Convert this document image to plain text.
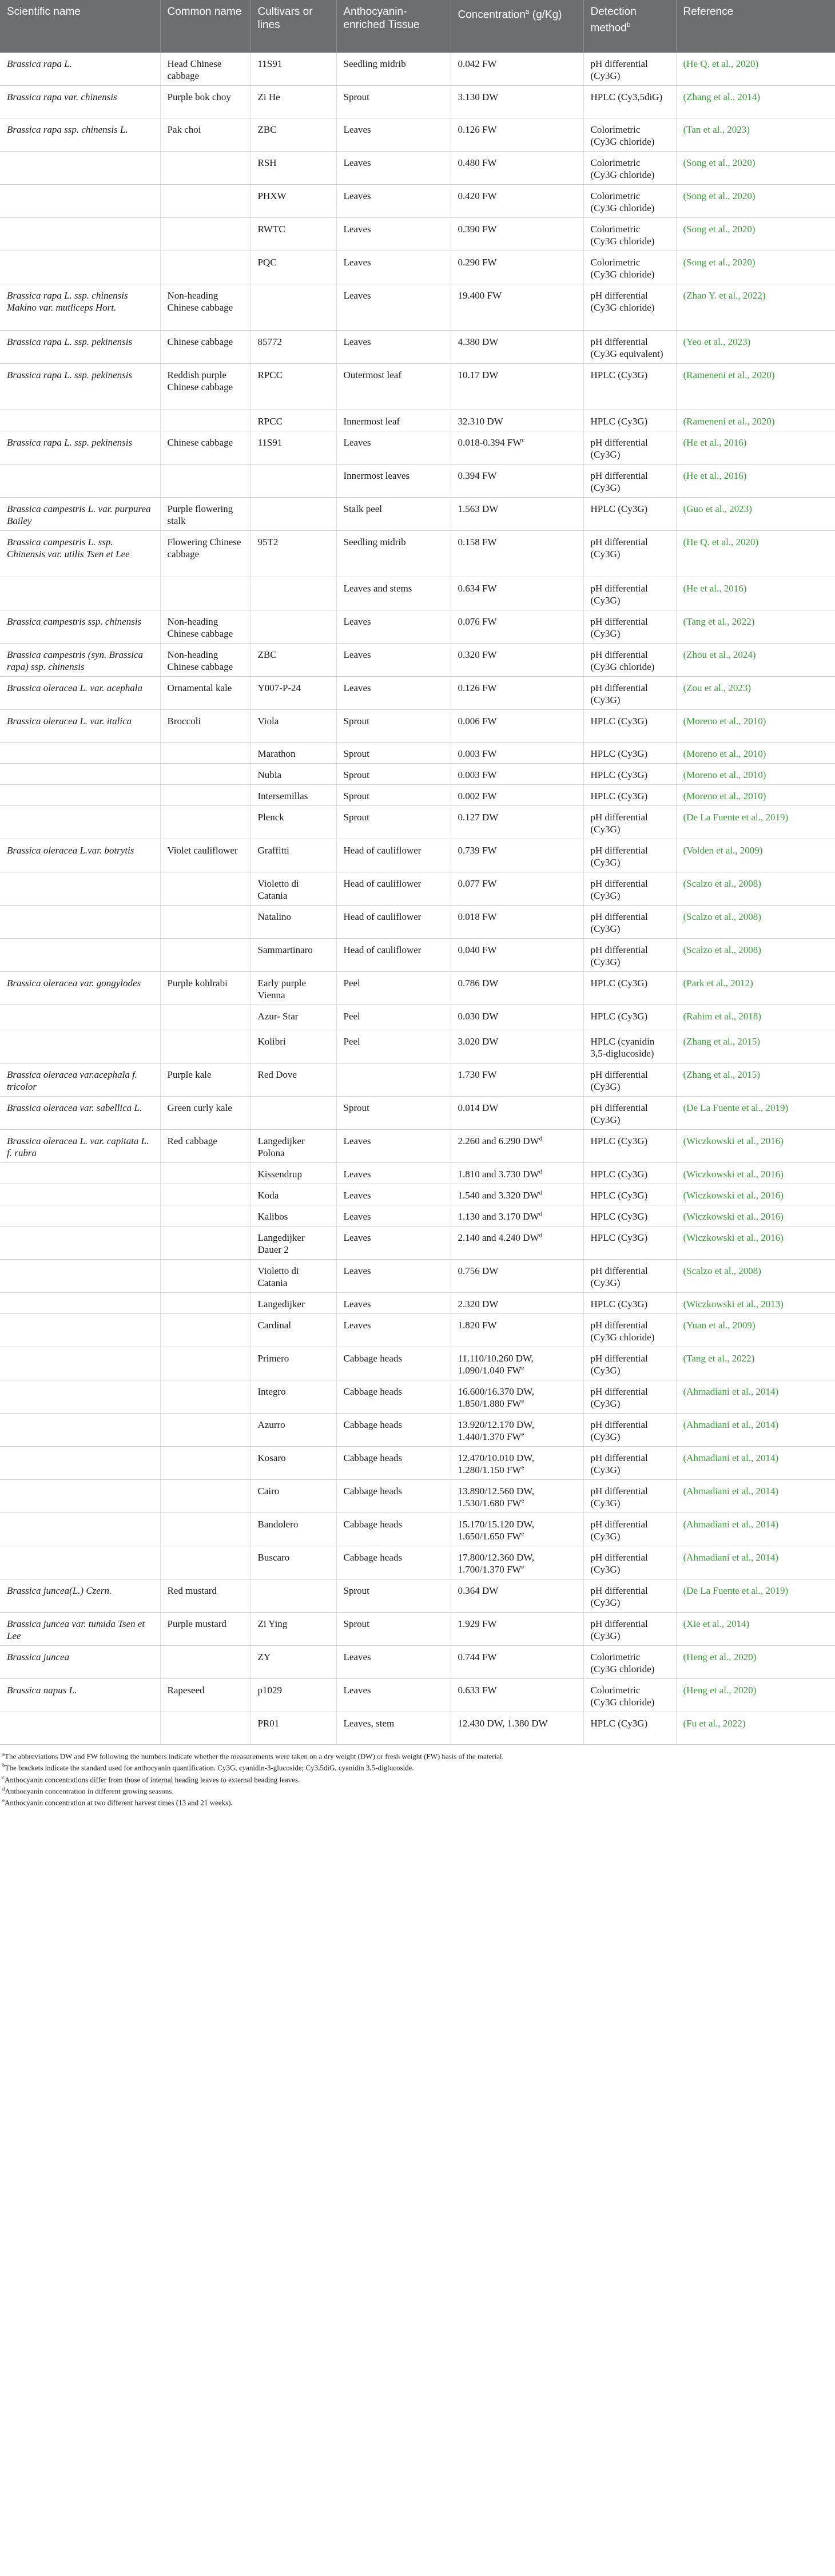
Scientific name	Common name	Cultivars or lines	Anthocyanin-enriched Tissue	Concentration$^a$ (g/Kg)	Detection method$^b$	Reference
Brassica rapa L.	Head Chinese cabbage	11S91	Seedling midrib	0.042 FW	pH differential (Cy3G)	(He Q. et al., 2020)
Brassica rapa var. chinensis	Purple bok choy	Zi He	Sprout	3.130 DW	HPLC (Cy3,5diG)	(Zhang et al., 2014)
Brassica rapa ssp. chinensis L.	Pak choi	ZBC	Leaves	0.126 FW	Colorimetric (Cy3G chloride)	(Tan et al., 2023)
		RSH	Leaves	0.480 FW	Colorimetric (Cy3G chloride)	(Song et al., 2020)
		PHXW	Leaves	0.420 FW	Colorimetric (Cy3G chloride)	(Song et al., 2020)
		RWTC	Leaves	0.390 FW	Colorimetric (Cy3G chloride)	(Song et al., 2020)
		PQC	Leaves	0.290 FW	Colorimetric (Cy3G chloride)	(Song et al., 2020)
Brassica rapa L. ssp. chinensis Makino var. mutliceps Hort.	Non-heading Chinese cabbage		Leaves	19.400 FW	pH differential (Cy3G chloride)	(Zhao Y. et al., 2022)
Brassica rapa L. ssp. pekinensis	Chinese cabbage	85772	Leaves	4.380 DW	pH differential (Cy3G equivalent)	(Yeo et al., 2023)
Brassica rapa L. ssp. pekinensis	Reddish purple Chinese cabbage	RPCC	Outermost leaf	10.17 DW	HPLC (Cy3G)	(Rameneni et al., 2020)
		RPCC	Innermost leaf	32.310 DW	HPLC (Cy3G)	(Rameneni et al., 2020)
Brassica rapa L. ssp. pekinensis	Chinese cabbage	11S91	Leaves	0.018-0.394 $FW^c$	pH differential (Cy3G)	(He et al., 2016)
			Innermost leaves	0.394 FW	pH differential (Cy3G)	(He et al., 2016)
Brassica campestris L. var. purpurea Bailey	Purple flowering stalk		Stalk peel	1.563 DW	HPLC (Cy3G)	(Guo et al., 2023)
Brassica campestris L. ssp. Chinensis var. utilis Tsen et Lee	Flowering Chinese cabbage	95T2	Seedling midrib	0.158 FW	pH differential (Cy3G)	(He Q. et al., 2020)
			Leaves and stems	0.634 FW	pH differential (Cy3G)	(He et al., 2016)
Brassica campestris ssp. chinensis	Non-heading Chinese cabbage		Leaves	0.076 FW	pH differential (Cy3G)	(Tang et al., 2022)
Brassica campestris (syn. Brassica rapa) ssp. chinensis	Non-heading Chinese cabbage	ZBC	Leaves	0.320 FW	pH differential (Cy3G chloride)	(Zhou et al., 2024)
Brassica oleracea L. var. acephala	Ornamental kale	Y007-P-24	Leaves	0.126 FW	pH differential (Cy3G)	(Zou et al., 2023)
Brassica oleracea L. var. italica	Broccoli	Viola	Sprout	0.006 FW	HPLC (Cy3G)	(Moreno et al., 2010)
		Marathon	Sprout	0.003 FW	HPLC (Cy3G)	(Moreno et al., 2010)
		Nubia	Sprout	0.003 FW	HPLC (Cy3G)	(Moreno et al., 2010)
		Intersemillas	Sprout	0.002 FW	HPLC (Cy3G)	(Moreno et al., 2010)
		Plenck	Sprout	0.127 DW	pH differential (Cy3G)	(De La Fuente et al., 2019)
Brassica oleracea L.var. botrytis	Violet cauliflower	Graffitti	Head of cauliflower	0.739 FW	pH differential (Cy3G)	(Volden et al., 2009)
		Violetto di Catania	Head of cauliflower	0.077 FW	pH differential (Cy3G)	(Scalzo et al., 2008)
		Natalino	Head of cauliflower	0.018 FW	pH differential (Cy3G)	(Scalzo et al., 2008)
		Sammartinaro	Head of cauliflower	0.040 FW	pH differential (Cy3G)	(Scalzo et al., 2008)
Brassica oleracea var. gongylodes	Purple kohlrabi	Early purple Vienna	Peel	0.786 DW	HPLC (Cy3G)	(Park et al., 2012)
		Azur- Star	Peel	0.030 DW	HPLC (Cy3G)	(Rahim et al., 2018)
		Kolibri	Peel	3.020 DW	HPLC (cyanidin 3,5-diglucoside)	(Zhang et al., 2015)
Brassica oleracea var.acephala f. tricolor	Purple kale	Red Dove		1.730 FW	pH differential (Cy3G)	(Zhang et al., 2015)
Brassica oleracea var. sabellica L.	Green curly kale		Sprout	0.014 DW	pH differential (Cy3G)	(De La Fuente et al., 2019)
Brassica oleracea L. var. capitata L. f. rubra	Red cabbage	Langedijker Polona	Leaves	2.260 and 6.290 $DW^d$	HPLC (Cy3G)	(Wiczkowski et al., 2016)
		Kissendrup	Leaves	1.810 and 3.730 $DW^d$	HPLC (Cy3G)	(Wiczkowski et al., 2016)
		Koda	Leaves	1.540 and 3.320 $DW^d$	HPLC (Cy3G)	(Wiczkowski et al., 2016)
		Kalibos	Leaves	1.130 and 3.170 $DW^d$	HPLC (Cy3G)	(Wiczkowski et al., 2016)
		Langedijker Dauer 2	Leaves	2.140 and 4.240 $DW^d$	HPLC (Cy3G)	(Wiczkowski et al., 2016)
		Violetto di Catania	Leaves	0.756 DW	pH differential (Cy3G)	(Scalzo et al., 2008)
		Langedijker	Leaves	2.320 DW	HPLC (Cy3G)	(Wiczkowski et al., 2013)
		Cardinal	Leaves	1.820 FW	pH differential (Cy3G chloride)	(Yuan et al., 2009)
		Primero	Cabbage heads	11.110/10.260 DW, 1.090/1.040 $FW^e$	pH differential (Cy3G)	(Tang et al., 2022)
		Integro	Cabbage heads	16.600/16.370 DW, 1.850/1.880 $FW^e$	pH differential (Cy3G)	(Ahmadiani et al., 2014)
		Azurro	Cabbage heads	13.920/12.170 DW, 1.440/1.370 $FW^e$	pH differential (Cy3G)	(Ahmadiani et al., 2014)
		Kosaro	Cabbage heads	12.470/10.010 DW, 1.280/1.150 $FW^e$	pH differential (Cy3G)	(Ahmadiani et al., 2014)
		Cairo	Cabbage heads	13.890/12.560 DW, 1.530/1.680 $FW^e$	pH differential (Cy3G)	(Ahmadiani et al., 2014)
		Bandolero	Cabbage heads	15.170/15.120 DW, 1.650/1.650 $FW^e$	pH differential (Cy3G)	(Ahmadiani et al., 2014)
		Buscaro	Cabbage heads	17.800/12.360 DW, 1.700/1.370 $FW^e$	pH differential (Cy3G)	(Ahmadiani et al., 2014)
Brassica juncea(L.) Czern.	Red mustard		Sprout	0.364 DW	pH differential (Cy3G)	(De La Fuente et al., 2019)
Brassica juncea var. tumida Tsen et Lee	Purple mustard	Zi Ying	Sprout	1.929 FW	pH differential (Cy3G)	(Xie et al., 2014)
Brassica juncea		ZY	Leaves	0.744 FW	Colorimetric (Cy3G chloride)	(Heng et al., 2020)
Brassica napus L.	Rapeseed	p1029	Leaves	0.633 FW	Colorimetric (Cy3G chloride)	(Heng et al., 2020)
		PR01	Leaves, stem	12.430 DW, 1.380 DW	HPLC (Cy3G)	(Fu et al., 2022)

$^a$The abbreviations DW and FW following the numbers indicate whether the measurements were taken on a dry weight (DW) or fresh weight (FW) basis of the material.

$^b$The brackets indicate the standard used for anthocyanin quantification. Cy3G, cyanidin-3-glucoside; Cy3,5diG, cyanidin 3,5-diglucoside.

$^c$Anthocyanin concentrations differ from those of internal heading leaves to external heading leaves.

$^d$Anthocyanin concentration in different growing seasons.

$^e$Anthocyanin concentration at two different harvest times (13 and 21 weeks).
